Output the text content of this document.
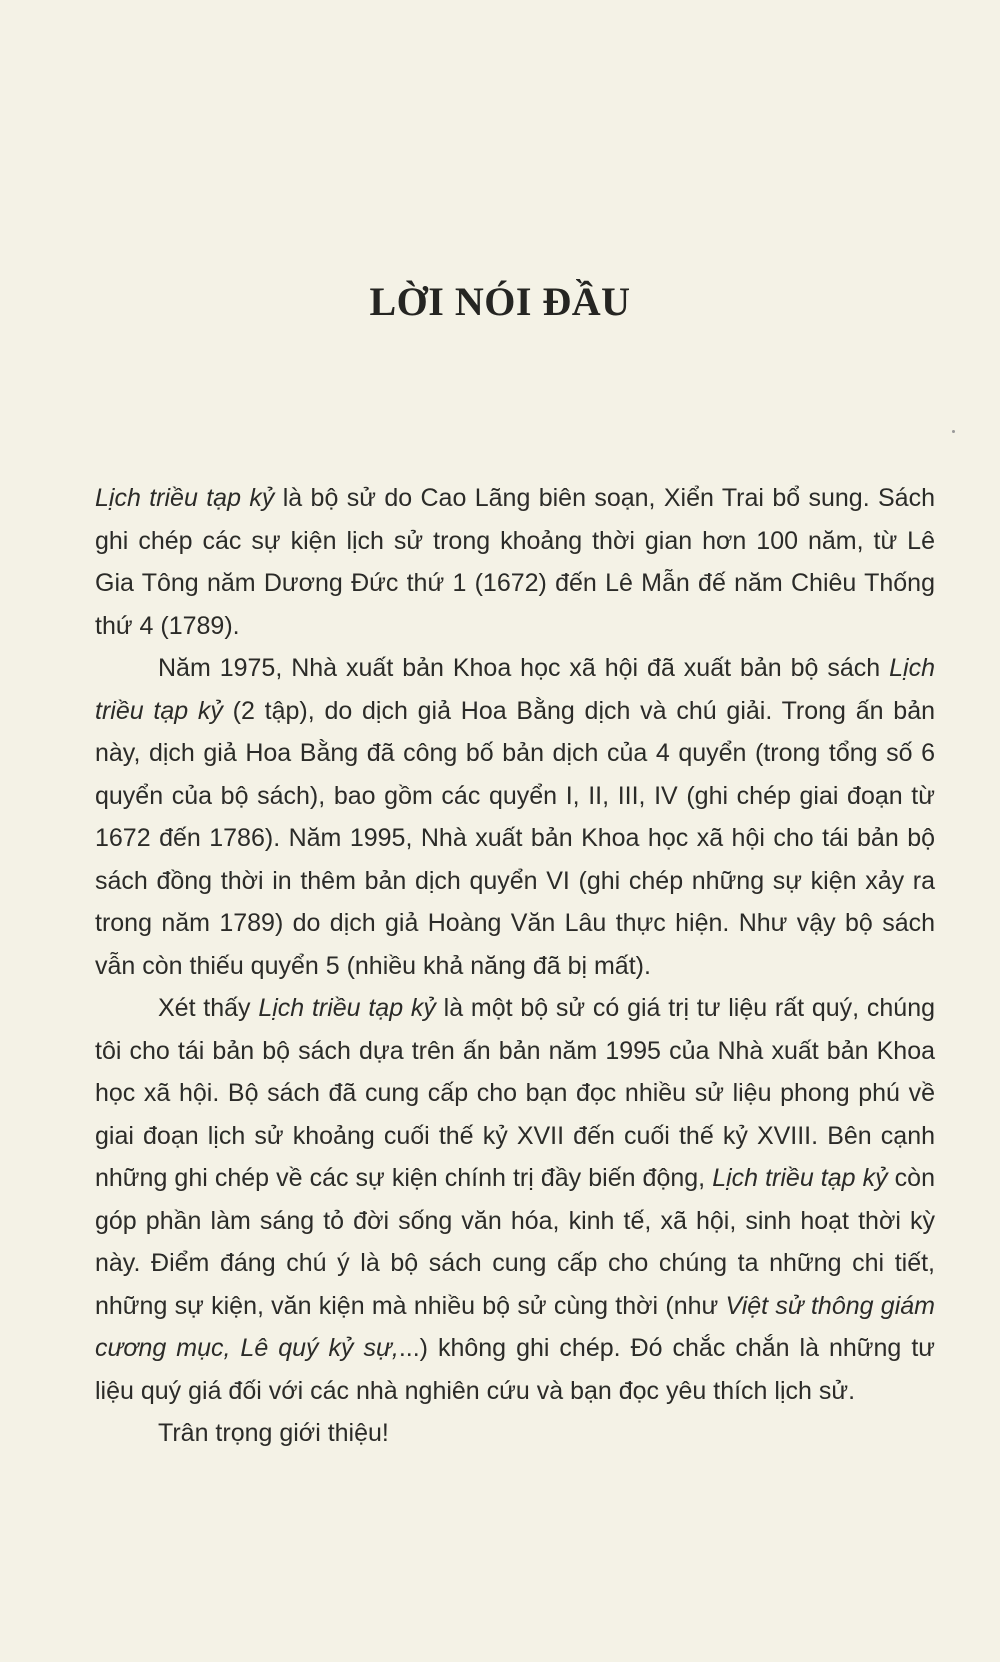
LỜI NÓI ĐẦU

Lịch triều tạp kỷ là bộ sử do Cao Lãng biên soạn, Xiển Trai bổ sung. Sách ghi chép các sự kiện lịch sử trong khoảng thời gian hơn 100 năm, từ Lê Gia Tông năm Dương Đức thứ 1 (1672) đến Lê Mẫn đế năm Chiêu Thống thứ 4 (1789).

Năm 1975, Nhà xuất bản Khoa học xã hội đã xuất bản bộ sách Lịch triều tạp kỷ (2 tập), do dịch giả Hoa Bằng dịch và chú giải. Trong ấn bản này, dịch giả Hoa Bằng đã công bố bản dịch của 4 quyển (trong tổng số 6 quyển của bộ sách), bao gồm các quyển I, II, III, IV (ghi chép giai đoạn từ 1672 đến 1786). Năm 1995, Nhà xuất bản Khoa học xã hội cho tái bản bộ sách đồng thời in thêm bản dịch quyển VI (ghi chép những sự kiện xảy ra trong năm 1789) do dịch giả Hoàng Văn Lâu thực hiện. Như vậy bộ sách vẫn còn thiếu quyển 5 (nhiều khả năng đã bị mất).

Xét thấy Lịch triều tạp kỷ là một bộ sử có giá trị tư liệu rất quý, chúng tôi cho tái bản bộ sách dựa trên ấn bản năm 1995 của Nhà xuất bản Khoa học xã hội. Bộ sách đã cung cấp cho bạn đọc nhiều sử liệu phong phú về giai đoạn lịch sử khoảng cuối thế kỷ XVII đến cuối thế kỷ XVIII. Bên cạnh những ghi chép về các sự kiện chính trị đầy biến động, Lịch triều tạp kỷ còn góp phần làm sáng tỏ đời sống văn hóa, kinh tế, xã hội, sinh hoạt thời kỳ này. Điểm đáng chú ý là bộ sách cung cấp cho chúng ta những chi tiết, những sự kiện, văn kiện mà nhiều bộ sử cùng thời (như Việt sử thông giám cương mục, Lê quý kỷ sự,...) không ghi chép. Đó chắc chắn là những tư liệu quý giá đối với các nhà nghiên cứu và bạn đọc yêu thích lịch sử.

Trân trọng giới thiệu!
